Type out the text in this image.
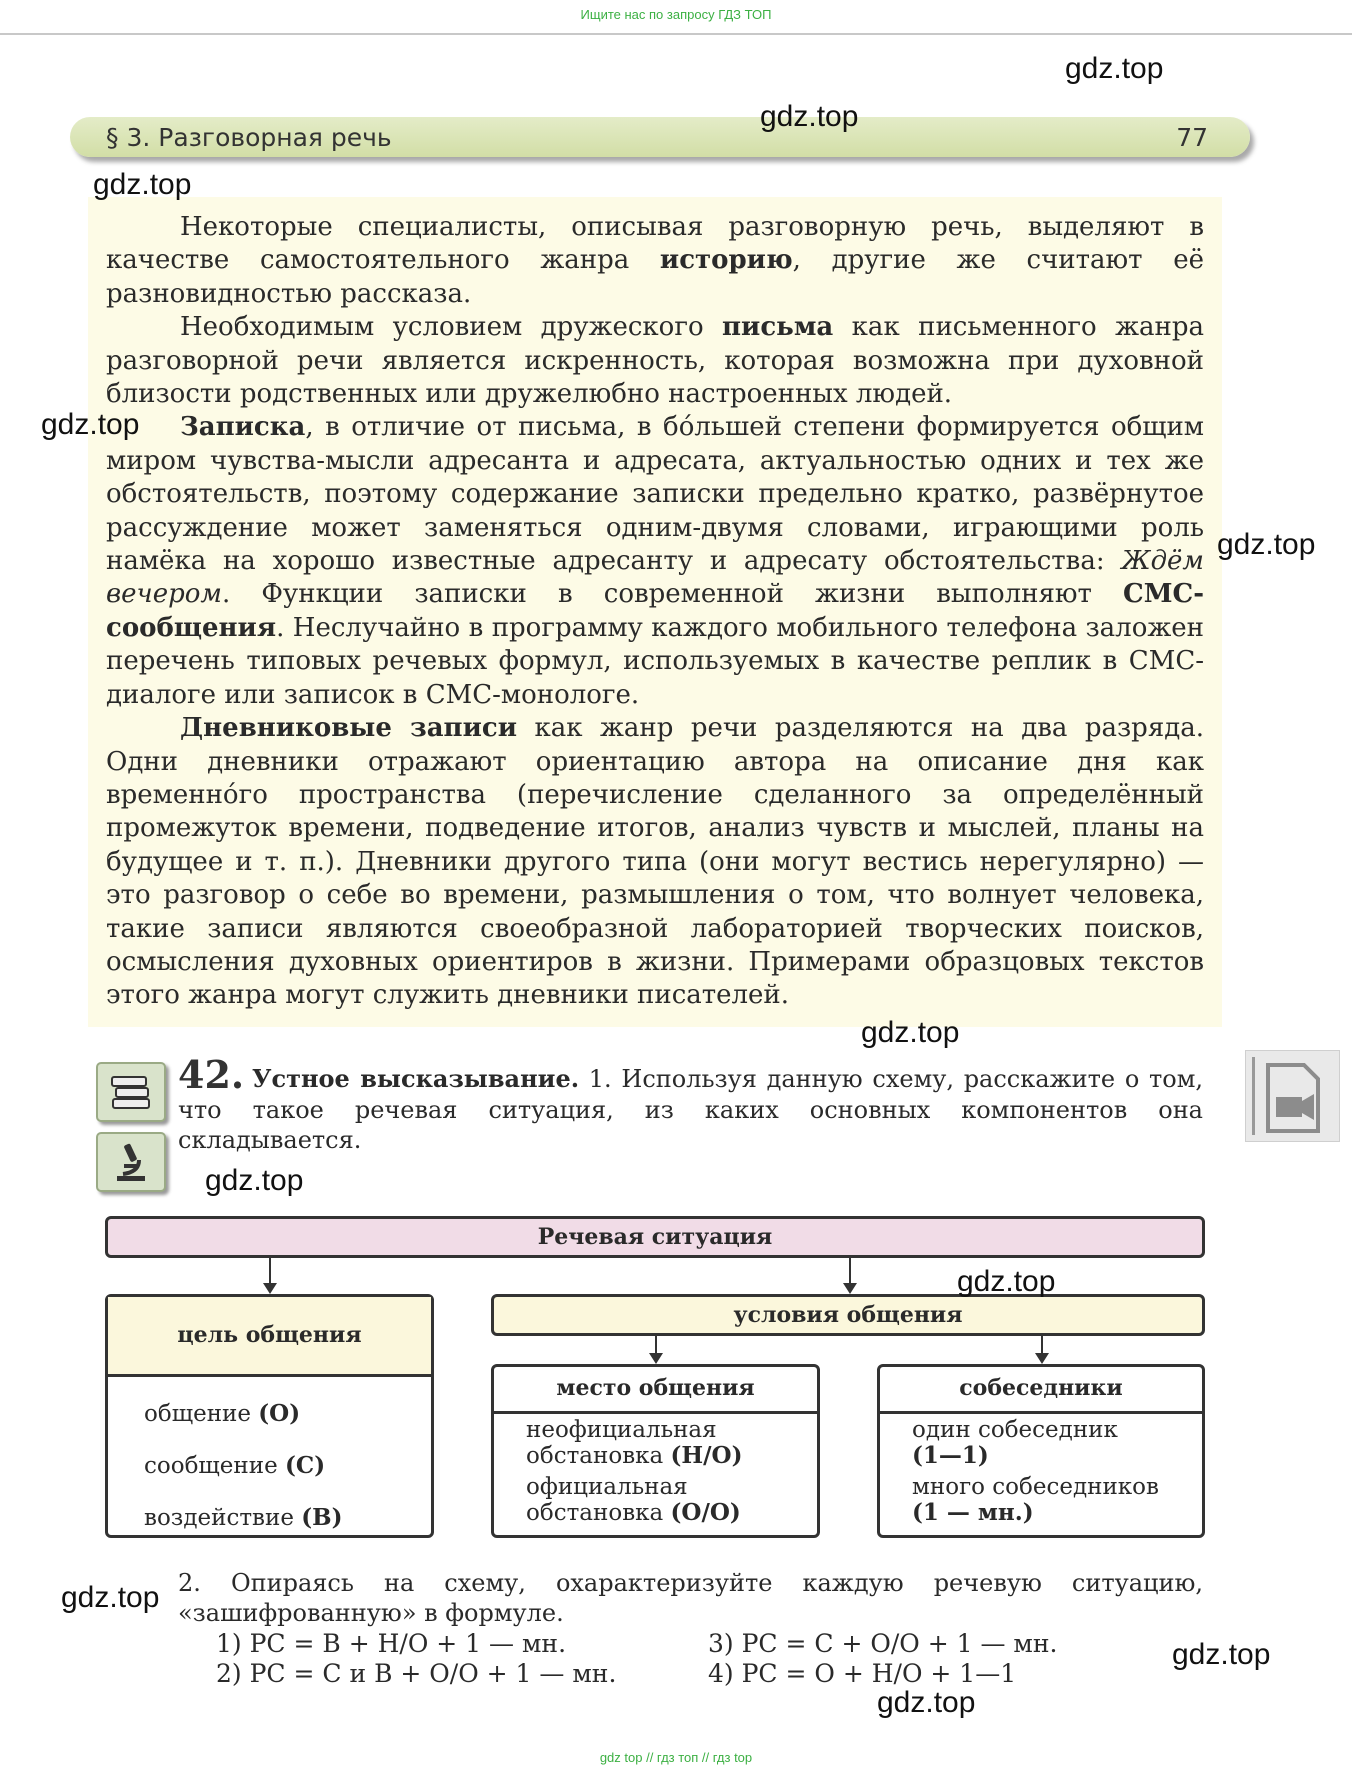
Ищите нас по запросу ГДЗ ТОП
§ 3. Разговорная речь	77

Некоторые специалисты, описывая разговорную речь, выделяют в качестве самостоятельного жанра историю, другие же считают её разновидностью рассказа.

Необходимым условием дружеского письма как письменного жанра разговорной речи является искренность, которая возможна при духовной близости родственных или дружелюбно настроенных людей.

Записка, в отличие от письма, в бóльшей степени формируется общим миром чувства-мысли адресанта и адресата, актуальностью одних и тех же обстоятельств, поэтому содержание записки предельно кратко, развёрнутое рассуждение может заменяться одним-двумя словами, играющими роль намёка на хорошо известные адресанту и адресату обстоятельства: Ждём вечером. Функции записки в современной жизни выполняют СМС-сообщения. Неслучайно в программу каждого мобильного телефона заложен перечень типовых речевых формул, используемых в качестве реплик в СМС-диалоге или записок в СМС-монологе.

Дневниковые записи как жанр речи разделяются на два разряда. Одни дневники отражают ориентацию автора на описание дня как временнóго пространства (перечисление сделанного за определённый промежуток времени, подведение итогов, анализ чувств и мыслей, планы на будущее и т. п.). Дневники другого типа (они могут вестись нерегулярно) — это разговор о себе во времени, размышления о том, что волнует человека, такие записи являются своеобразной лабораторией творческих поисков, осмысления духовных ориентиров в жизни. Примерами образцовых текстов этого жанра могут служить дневники писателей.

42. Устное высказывание. 1. Используя данную схему, расскажите о том, что такое речевая ситуация, из каких основных компонентов она складывается.

Речевая ситуация
цель общения
общение (О)
сообщение (С)
воздействие (В)
условия общения
место общения
неофициальная
обстановка (Н/О)
официальная
обстановка (О/О)
собеседники
один собеседник
(1—1)
много собеседников
(1 — мн.)

2. Опираясь на схему, охарактеризуйте каждую речевую ситуацию, «зашифрованную» в формуле.

1) РС = В + Н/О + 1 — мн.
2) РС = С и В + О/О + 1 — мн.
3) РС = С + О/О + 1 — мн.
4) РС = О + Н/О + 1—1
gdz.top
gdz.top
gdz.top
gdz.top
gdz.top
gdz.top
gdz.top
gdz.top
gdz.top
gdz.top
gdz.top
gdz top // гдз топ // гдз top
